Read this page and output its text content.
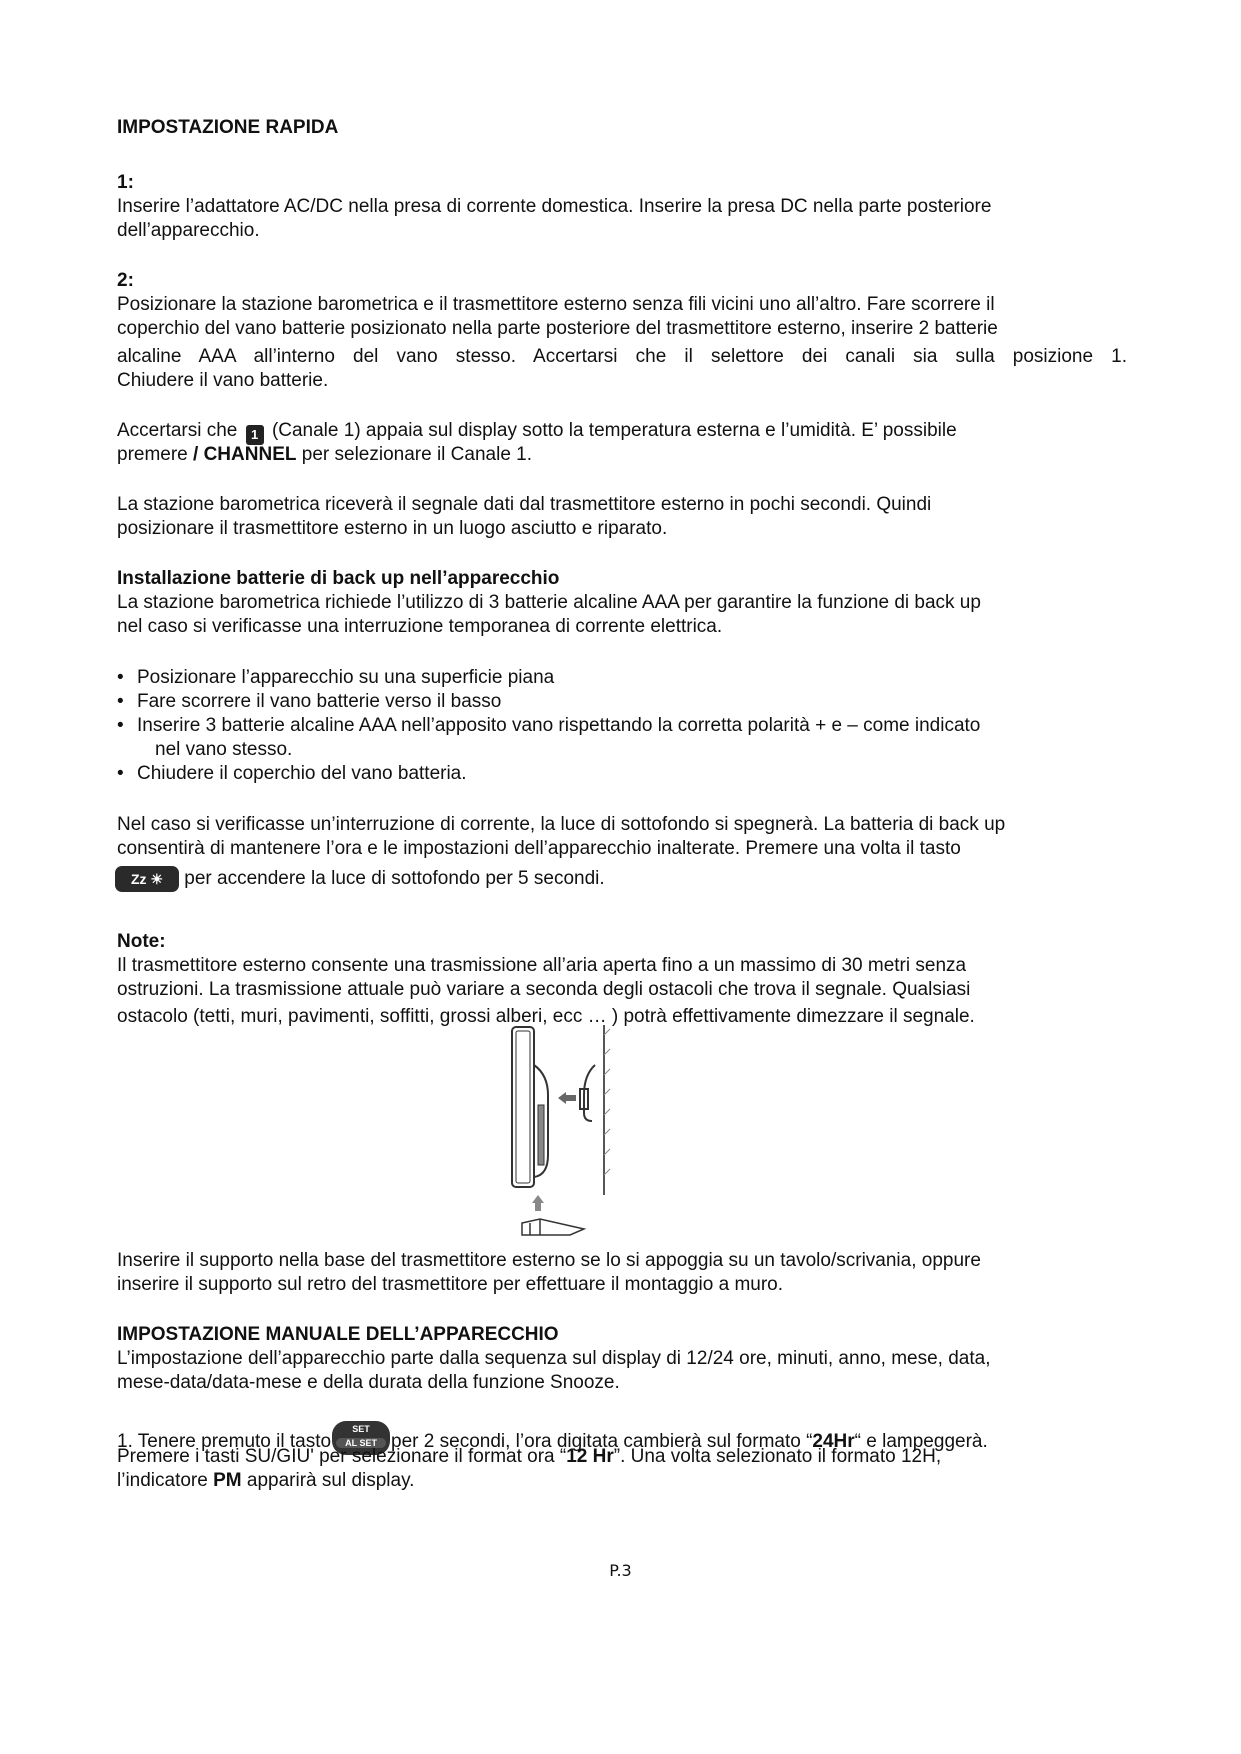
IMPOSTAZIONE RAPIDA
1:
Inserire l’adattatore AC/DC nella presa di corrente domestica. Inserire la presa DC nella parte posteriore
dell’apparecchio.
2:
Posizionare la stazione barometrica e il trasmettitore esterno senza fili vicini uno all’altro. Fare scorrere il
coperchio del vano batterie posizionato nella parte posteriore del trasmettitore esterno, inserire 2 batterie
alcaline AAA all’interno del vano stesso. Accertarsi che il selettore dei canali sia sulla posizione 1.
Chiudere il vano batterie.
Accertarsi che 1 (Canale 1) appaia sul display sotto la temperatura esterna e l’umidità. E’ possibile
premere / CHANNEL per selezionare il Canale 1.
La stazione barometrica riceverà il segnale dati dal trasmettitore esterno in pochi secondi. Quindi
posizionare il trasmettitore esterno in un luogo asciutto e riparato.
Installazione batterie di back up nell’apparecchio
La stazione barometrica richiede l’utilizzo di 3 batterie alcaline AAA per garantire la funzione di back up
nel caso si verificasse una interruzione temporanea di corrente elettrica.
• Posizionare l’apparecchio su una superficie piana
• Fare scorrere il vano batterie verso il basso
• Inserire 3 batterie alcaline AAA nell’apposito vano rispettando la corretta polarità + e – come indicato
nel vano stesso.
• Chiudere il coperchio del vano batteria.
Nel caso si verificasse un’interruzione di corrente, la luce di sottofondo si spegnerà. La batteria di back up
consentirà di mantenere l’ora e le impostazioni dell’apparecchio inalterate. Premere una volta il tasto
Zz ☀ per accendere la luce di sottofondo per 5 secondi.
Note:
Il trasmettitore esterno consente una trasmissione all’aria aperta fino a un massimo di 30 metri senza
ostruzioni. La trasmissione attuale può variare a seconda degli ostacoli che trova il segnale. Qualsiasi
ostacolo (tetti, muri, pavimenti, soffitti, grossi alberi, ecc … ) potrà effettivamente dimezzare il segnale.
Inserire il supporto nella base del trasmettitore esterno se lo si appoggia su un tavolo/scrivania, oppure
inserire il supporto sul retro del trasmettitore per effettuare il montaggio a muro.
IMPOSTAZIONE MANUALE DELL’APPARECCHIO
L’impostazione dell’apparecchio parte dalla sequenza sul display di 12/24 ore, minuti, anno, mese, data,
mese-data/data-mese e della durata della funzione Snooze.
1. Tenere premuto il tasto
SET
AL SET per 2 secondi, l’ora digitata cambierà sul formato “24Hr“ e lampeggerà.
Premere i tasti SU/GIU' per selezionare il format ora “12 Hr”. Una volta selezionato il formato 12H,
l’indicatore PM apparirà sul display.
P.3
